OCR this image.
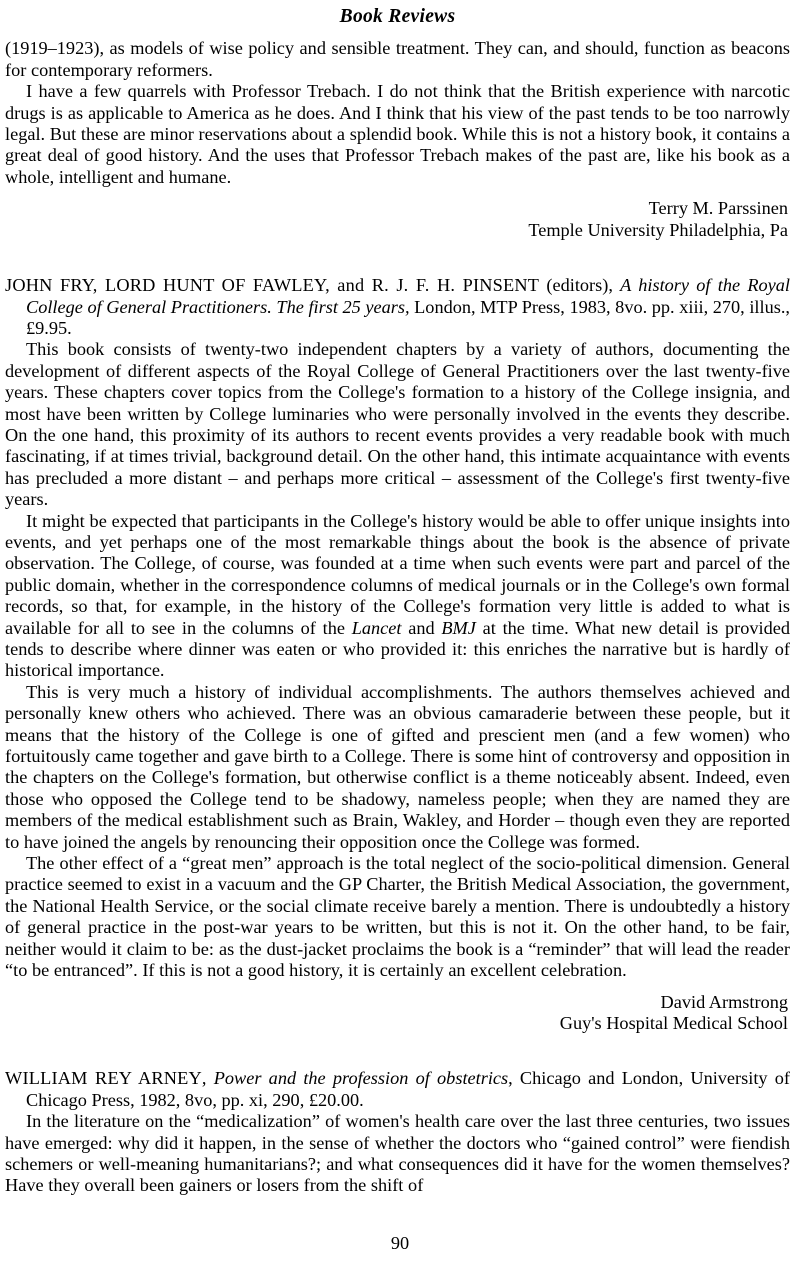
Book Reviews

(1919–1923), as models of wise policy and sensible treatment. They can, and should, function as beacons for contemporary reformers.

I have a few quarrels with Professor Trebach. I do not think that the British experience with narcotic drugs is as applicable to America as he does. And I think that his view of the past tends to be too narrowly legal. But these are minor reservations about a splendid book. While this is not a history book, it contains a great deal of good history. And the uses that Professor Trebach makes of the past are, like his book as a whole, intelligent and humane.

Terry M. Parssinen
Temple University Philadelphia, Pa

JOHN FRY, LORD HUNT OF FAWLEY, and R. J. F. H. PINSENT (editors), A history of the Royal College of General Practitioners. The first 25 years, London, MTP Press, 1983, 8vo. pp. xiii, 270, illus., £9.95.

This book consists of twenty-two independent chapters by a variety of authors, documenting the development of different aspects of the Royal College of General Practitioners over the last twenty-five years. These chapters cover topics from the College's formation to a history of the College insignia, and most have been written by College luminaries who were personally involved in the events they describe. On the one hand, this proximity of its authors to recent events provides a very readable book with much fascinating, if at times trivial, background detail. On the other hand, this intimate acquaintance with events has precluded a more distant – and perhaps more critical – assessment of the College's first twenty-five years.

It might be expected that participants in the College's history would be able to offer unique insights into events, and yet perhaps one of the most remarkable things about the book is the absence of private observation. The College, of course, was founded at a time when such events were part and parcel of the public domain, whether in the correspondence columns of medical journals or in the College's own formal records, so that, for example, in the history of the College's formation very little is added to what is available for all to see in the columns of the Lancet and BMJ at the time. What new detail is provided tends to describe where dinner was eaten or who provided it: this enriches the narrative but is hardly of historical importance.

This is very much a history of individual accomplishments. The authors themselves achieved and personally knew others who achieved. There was an obvious camaraderie between these people, but it means that the history of the College is one of gifted and prescient men (and a few women) who fortuitously came together and gave birth to a College. There is some hint of controversy and opposition in the chapters on the College's formation, but otherwise conflict is a theme noticeably absent. Indeed, even those who opposed the College tend to be shadowy, nameless people; when they are named they are members of the medical establishment such as Brain, Wakley, and Horder – though even they are reported to have joined the angels by renouncing their opposition once the College was formed.

The other effect of a “great men” approach is the total neglect of the socio-political dimension. General practice seemed to exist in a vacuum and the GP Charter, the British Medical Association, the government, the National Health Service, or the social climate receive barely a mention. There is undoubtedly a history of general practice in the post-war years to be written, but this is not it. On the other hand, to be fair, neither would it claim to be: as the dust-jacket proclaims the book is a “reminder” that will lead the reader “to be entranced”. If this is not a good history, it is certainly an excellent celebration.

David Armstrong
Guy's Hospital Medical School

WILLIAM REY ARNEY, Power and the profession of obstetrics, Chicago and London, University of Chicago Press, 1982, 8vo, pp. xi, 290, £20.00.

In the literature on the “medicalization” of women's health care over the last three centuries, two issues have emerged: why did it happen, in the sense of whether the doctors who “gained control” were fiendish schemers or well-meaning humanitarians?; and what consequences did it have for the women themselves? Have they overall been gainers or losers from the shift of

90
